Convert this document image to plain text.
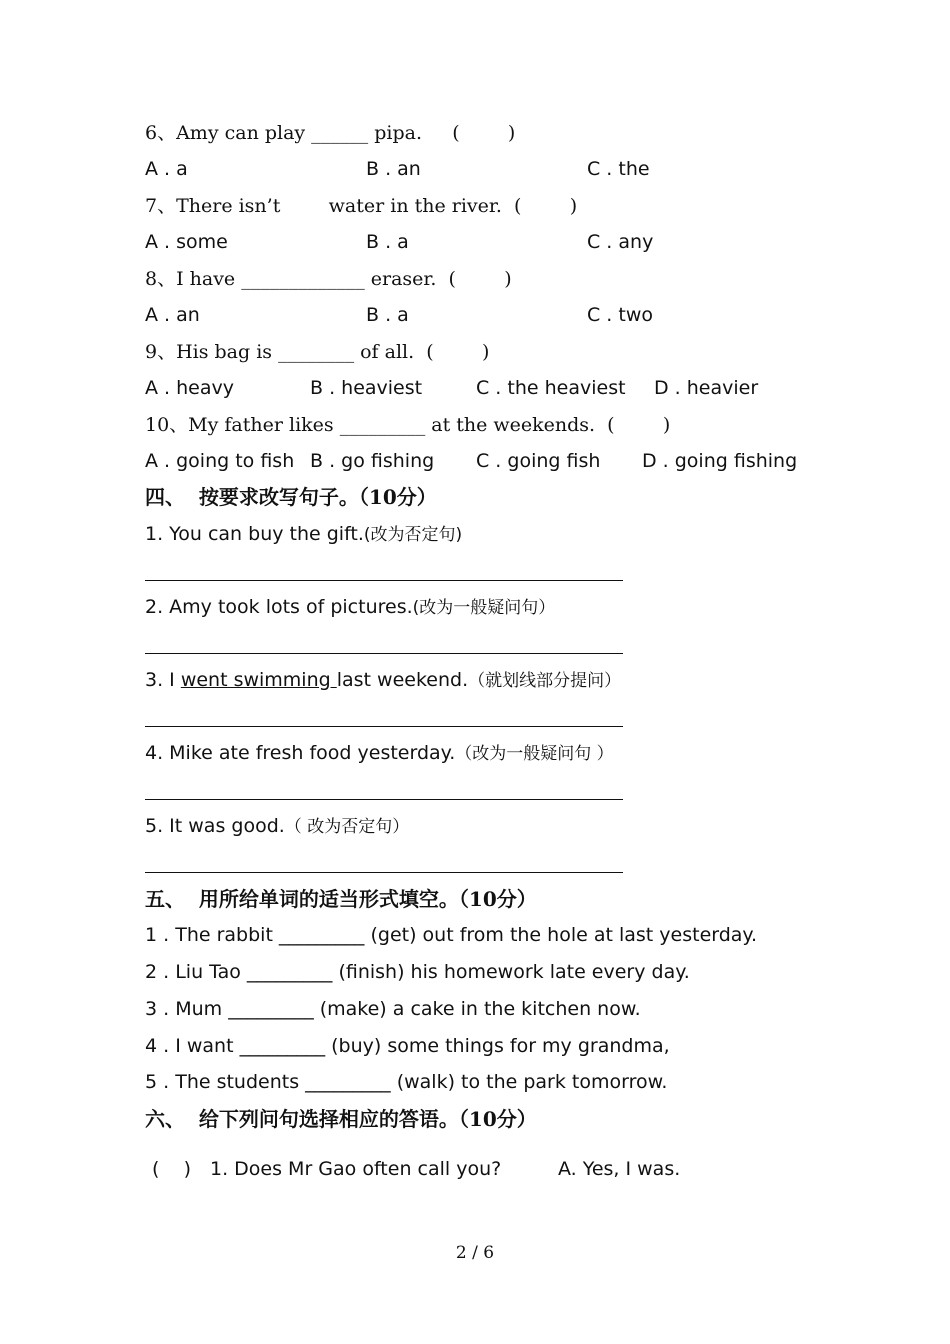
6、Amy can play ______ pipa.     (        )
A . a	B . an	C . the
7、There isn’t        water in the river.  (        )
A . some	B . a	C . any
8、I have _____________ eraser.  (        )
A . an	B . a	C . two
9、His bag is ________ of all.  (        )
A . heavy	B . heaviest	C . the heaviest D . heavier
10、My father likes _________ at the weekends.  (        )
A . going to fish B . go fishing C . going fish D . going fishing
四、  按要求改写句子。（10分）
1. You can buy the gift.(改为否定句)
2. Amy took lots of pictures.(改为一般疑问句）
3. I went swimming last weekend.（就划线部分提问）
4. Mike ate fresh food yesterday.（改为一般疑问句 ）
5. It was good.（ 改为否定句）
五、  用所给单词的适当形式填空。（10分）
1 . The rabbit _________ (get) out from the hole at last yesterday.
2 . Liu Tao _________ (finish) his homework late every day.
3 . Mum _________ (make) a cake in the kitchen now.
4 . I want _________ (buy) some things for my grandma,
5 . The students _________ (walk) to the park tomorrow.
六、  给下列问句选择相应的答语。（10分）
(    ) 1. Does Mr Gao often call you?	A. Yes, I was.
2 / 6
